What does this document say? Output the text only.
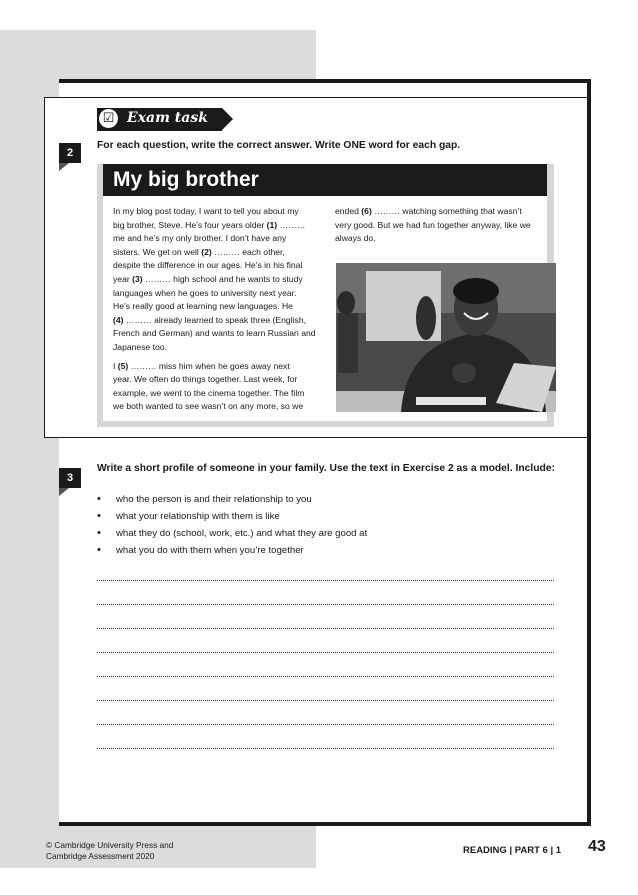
☑ Exam task
2
For each question, write the correct answer. Write ONE word for each gap.
My big brother

In my blog post today, I want to tell you about my
big brother, Steve. He’s four years older (1) ………
me and he’s my only brother. I don’t have any
sisters. We get on well (2) ……… each other,
despite the difference in our ages. He’s in his final
year (3) ……… high school and he wants to study
languages when he goes to university next year.
He’s really good at learning new languages. He
(4) ……… already learned to speak three (English,
French and German) and wants to learn Russian and
Japanese too.

I (5) ……… miss him when he goes away next
year. We often do things together. Last week, for
example, we went to the cinema together. The film
we both wanted to see wasn’t on any more, so we

ended (6) ……… watching something that wasn’t
very good. But we had fun together anyway, like we
always do.

3
Write a short profile of someone in your family. Use the text in Exercise 2 as a model. Include:
• who the person is and their relationship to you
• what your relationship with them is like
• what they do (school, work, etc.) and what they are good at
• what you do with them when you’re together
© Cambridge University Press and
Cambridge Assessment 2020	READING | PART 6 | 1 43
